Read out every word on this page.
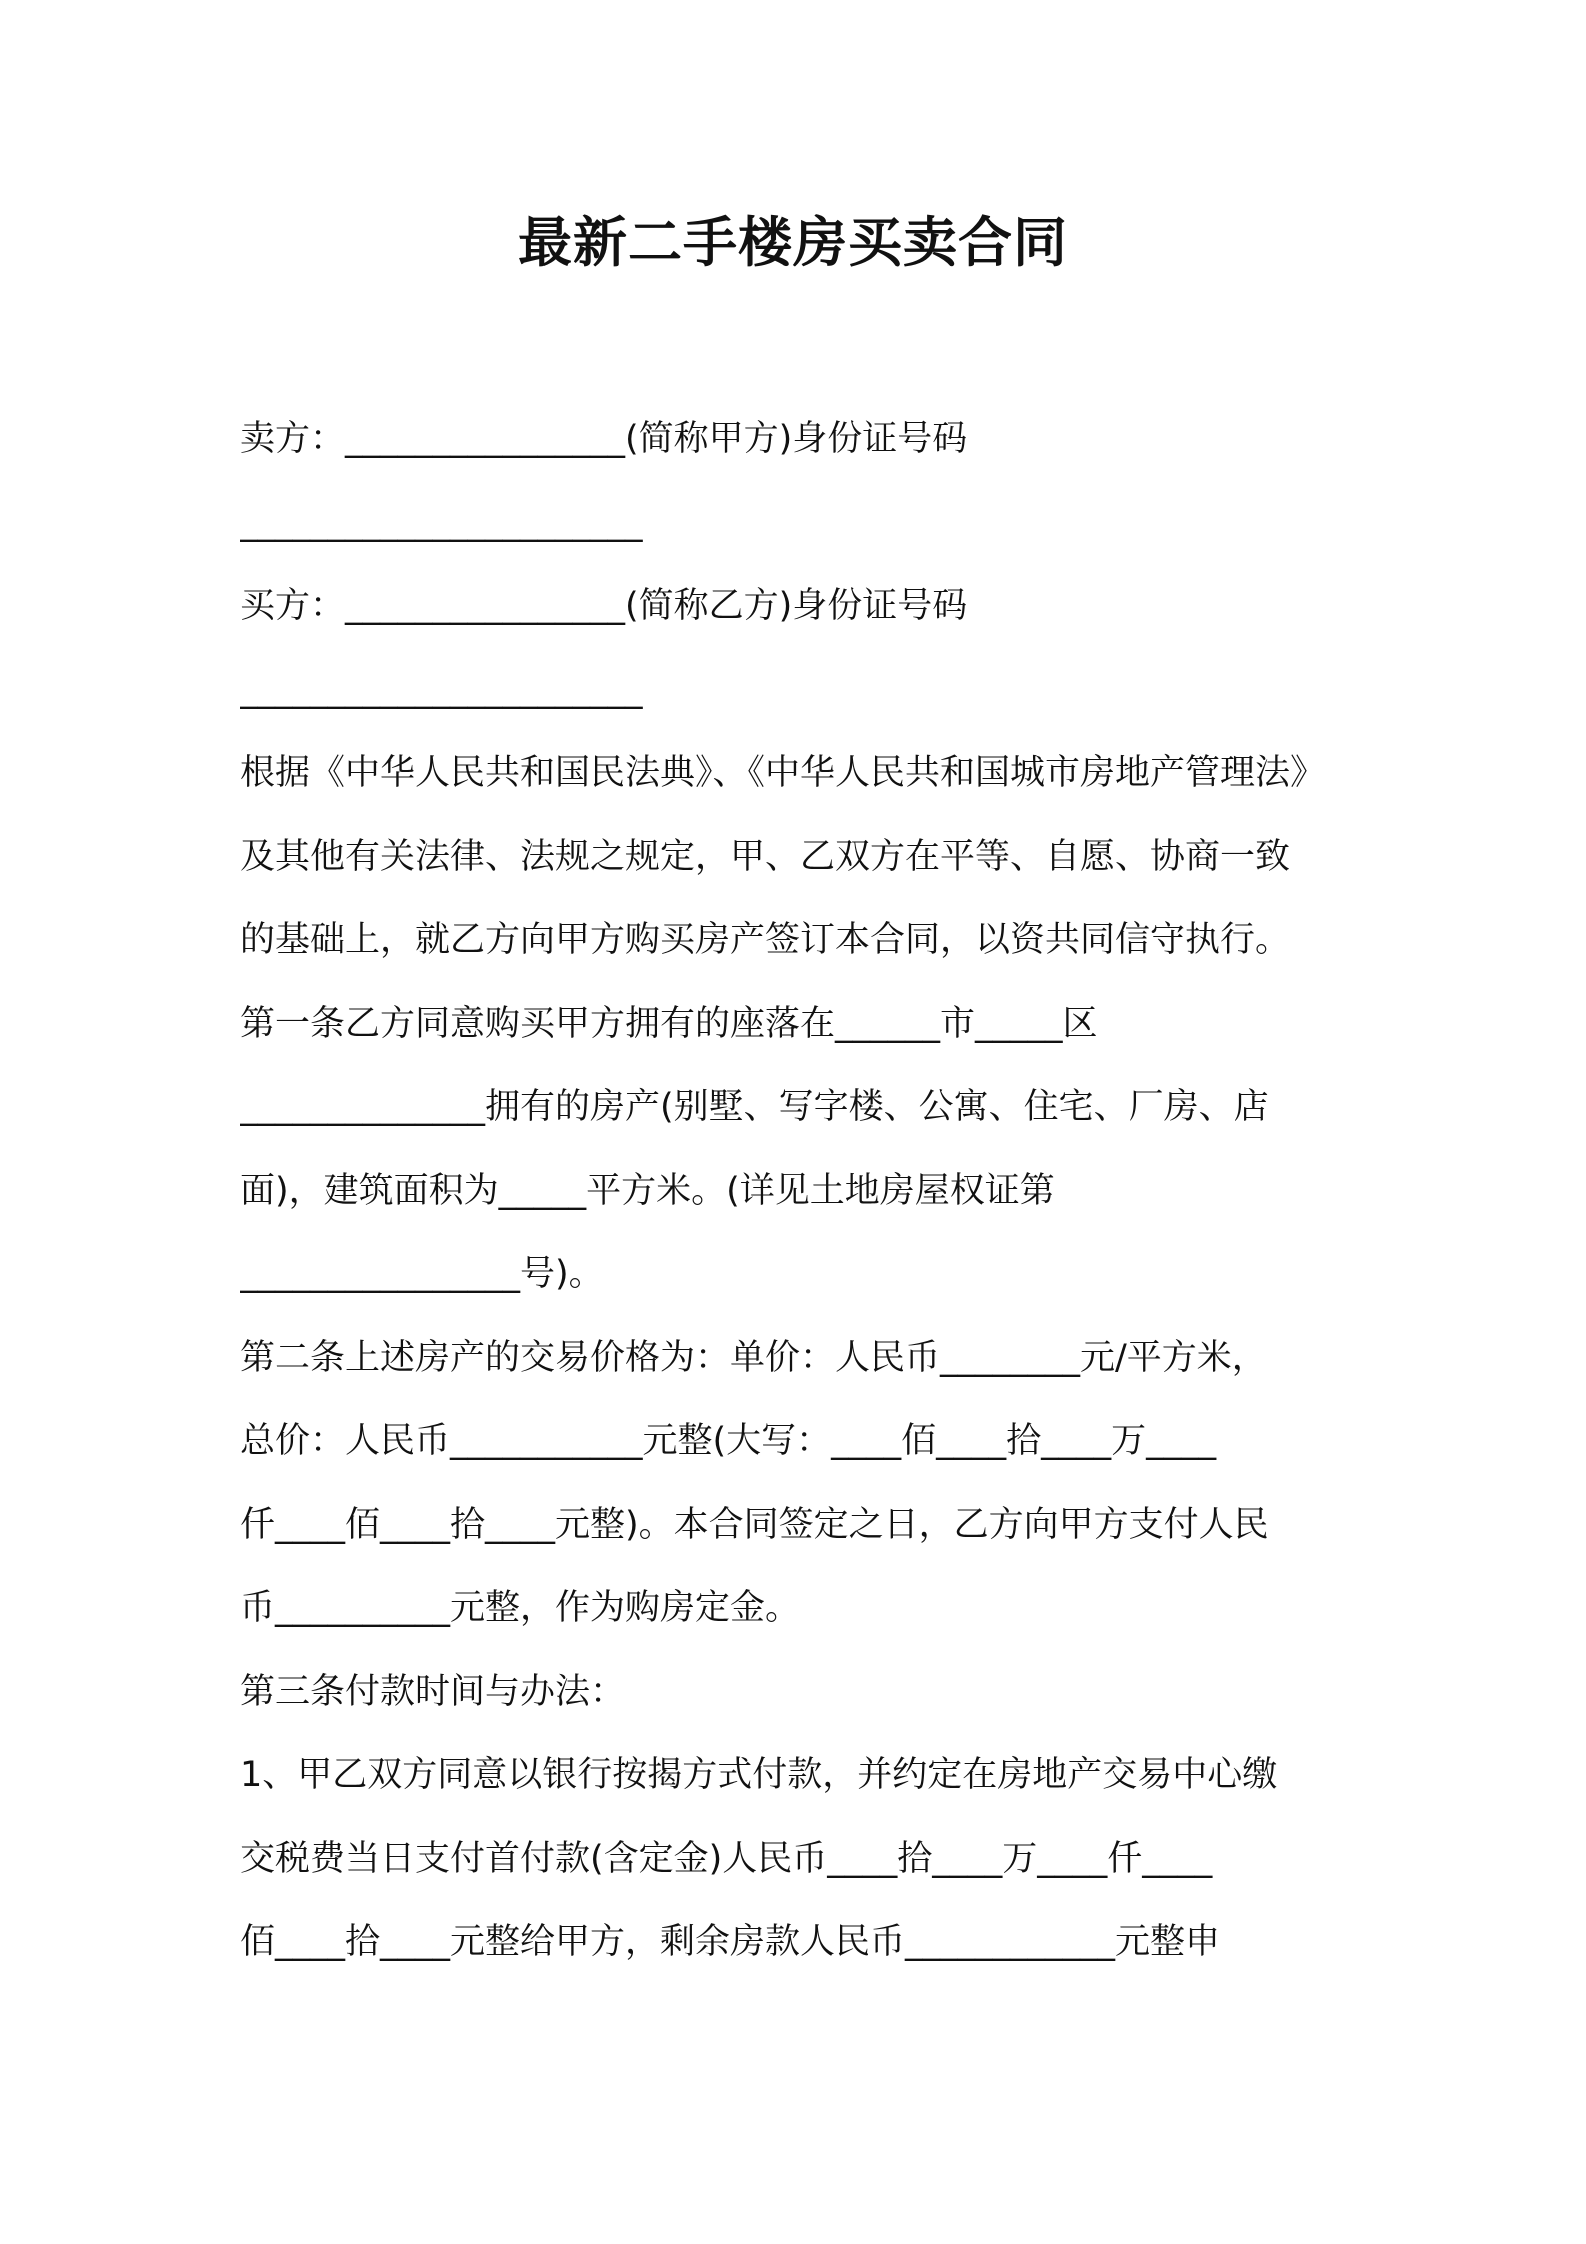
最新二手楼房买卖合同
卖方：________________(简称甲方)身份证号码
_______________________
买方：________________(简称乙方)身份证号码
_______________________
根据《中华人民共和国民法典》、《中华人民共和国城市房地产管理法》
及其他有关法律、法规之规定，甲、乙双方在平等、自愿、协商一致
的基础上，就乙方向甲方购买房产签订本合同，以资共同信守执行。
第一条乙方同意购买甲方拥有的座落在______市_____区
______________拥有的房产(别墅、写字楼、公寓、住宅、厂房、店
面)，建筑面积为_____平方米。(详见土地房屋权证第
________________号)。
第二条上述房产的交易价格为：单价：人民币________元/平方米，
总价：人民币___________元整(大写：____佰____拾____万____
仟____佰____拾____元整)。本合同签定之日，乙方向甲方支付人民
币__________元整，作为购房定金。
第三条付款时间与办法：
1、甲乙双方同意以银行按揭方式付款，并约定在房地产交易中心缴
交税费当日支付首付款(含定金)人民币____拾____万____仟____
佰____拾____元整给甲方，剩余房款人民币____________元整申
